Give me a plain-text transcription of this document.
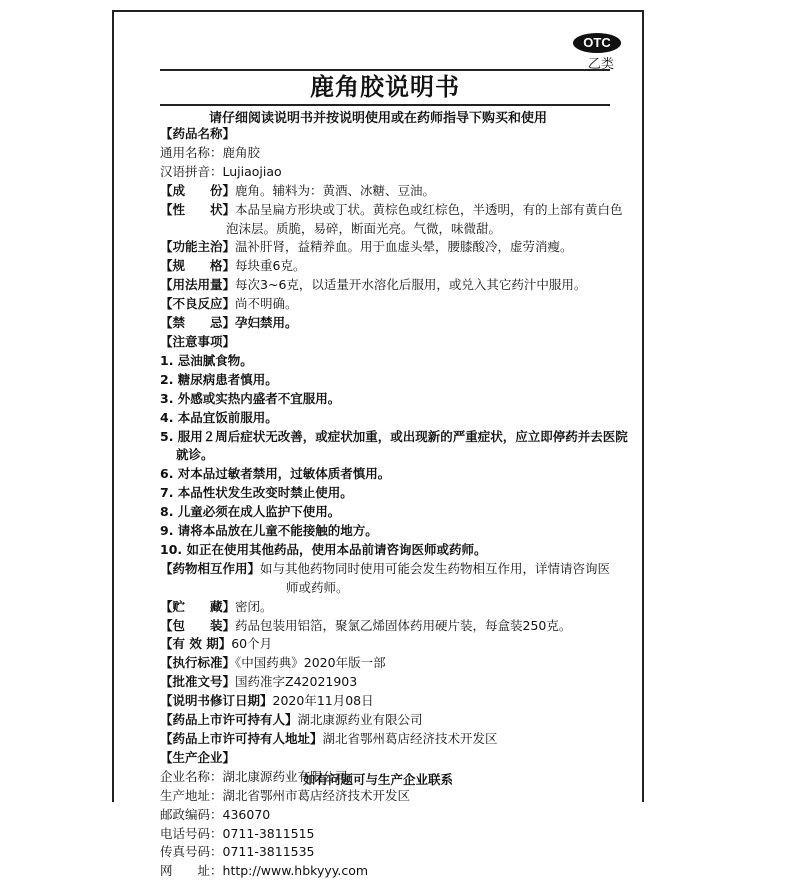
OTC
乙类
鹿角胶说明书
请仔细阅读说明书并按说明使用或在药师指导下购买和使用
【药品名称】
通用名称：鹿角胶
汉语拼音：Lujiaojiao
【成　　份】鹿角。辅料为：黄酒、冰糖、豆油。
【性　　状】本品呈扁方形块或丁状。黄棕色或红棕色，半透明，有的上部有黄白色
泡沫层。质脆，易碎，断面光亮。气微，味微甜。
【功能主治】温补肝肾，益精养血。用于血虚头晕，腰膝酸冷，虚劳消瘦。
【规　　格】每块重6克。
【用法用量】每次3~6克，以适量开水溶化后服用，或兑入其它药汁中服用。
【不良反应】尚不明确。
【禁　　忌】孕妇禁用。
【注意事项】
1. 忌油腻食物。
2. 糖尿病患者慎用。
3. 外感或实热内盛者不宜服用。
4. 本品宜饭前服用。
5. 服用２周后症状无改善，或症状加重，或出现新的严重症状，应立即停药并去医院
就诊。
6. 对本品过敏者禁用，过敏体质者慎用。
7. 本品性状发生改变时禁止使用。
8. 儿童必须在成人监护下使用。
9. 请将本品放在儿童不能接触的地方。
10. 如正在使用其他药品，使用本品前请咨询医师或药师。
【药物相互作用】如与其他药物同时使用可能会发生药物相互作用，详情请咨询医
师或药师。
【贮　　藏】密闭。
【包　　装】药品包装用铝箔，聚氯乙烯固体药用硬片装，每盒装250克。
【有 效 期】60个月
【执行标准】《中国药典》2020年版一部
【批准文号】国药准字Z42021903
【说明书修订日期】2020年11月08日
【药品上市许可持有人】湖北康源药业有限公司
【药品上市许可持有人地址】湖北省鄂州葛店经济技术开发区
【生产企业】
企业名称：湖北康源药业有限公司
生产地址：湖北省鄂州市葛店经济技术开发区
邮政编码：436070
电话号码：0711-3811515
传真号码：0711-3811535
网　　址：http://www.hbkyyy.com
如有问题可与生产企业联系
